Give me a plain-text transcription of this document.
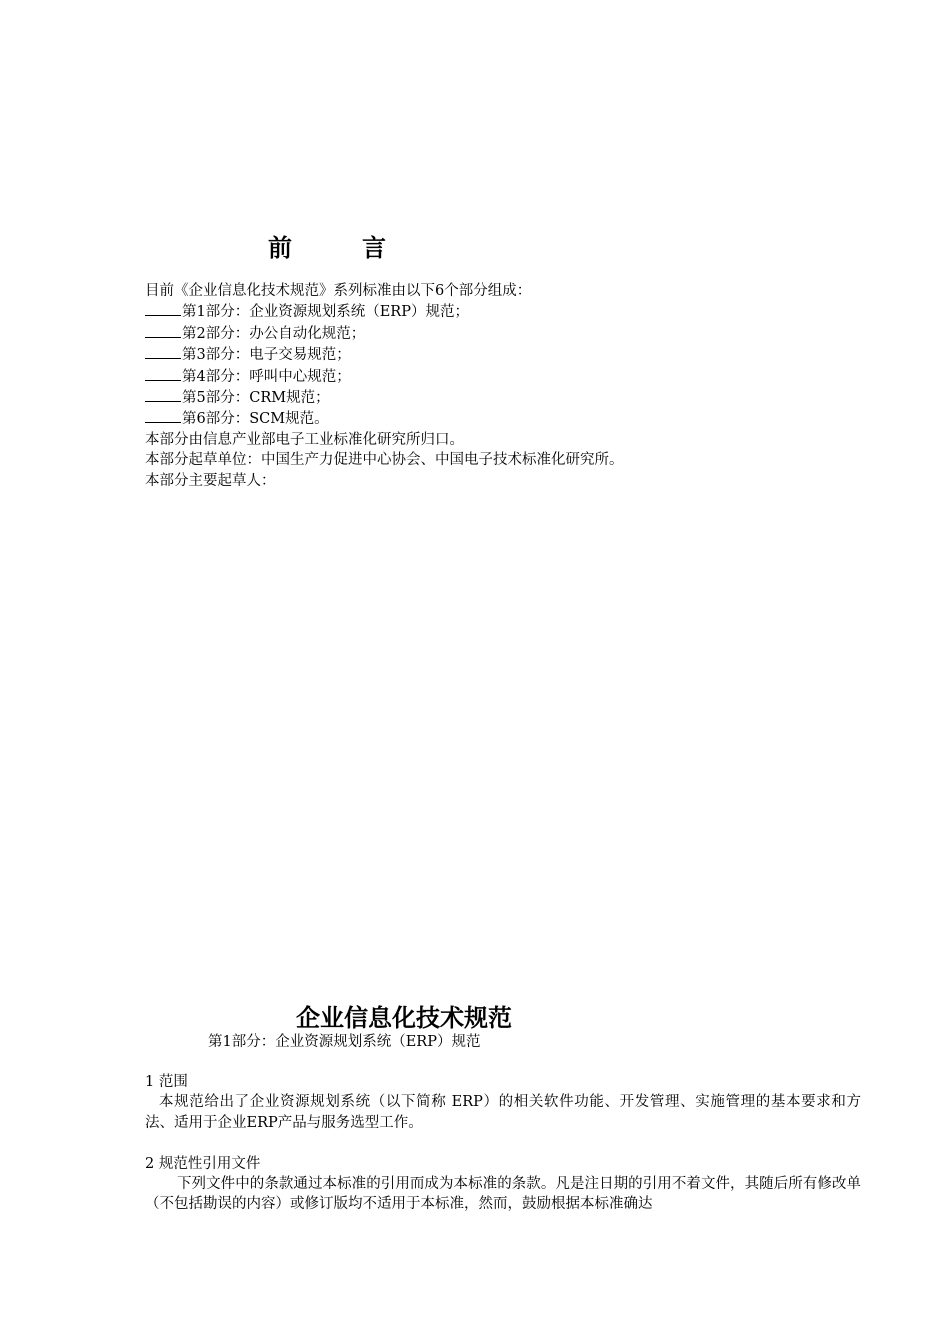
前	言

目前《企业信息化技术规范》系列标准由以下6个部分组成：

第1部分：企业资源规划系统（ERP）规范；

第2部分：办公自动化规范；

第3部分：电子交易规范；

第4部分：呼叫中心规范；

第5部分：CRM规范；

第6部分：SCM规范。

本部分由信息产业部电子工业标准化研究所归口。

本部分起草单位：中国生产力促进中心协会、中国电子技术标准化研究所。

本部分主要起草人：

企业信息化技术规范

第1部分：企业资源规划系统（ERP）规范

1 范围

本规范给出了企业资源规划系统（以下简称 ERP）的相关软件功能、开发管理、实施管理的基本要求和方法、适用于企业ERP产品与服务选型工作。

2 规范性引用文件

下列文件中的条款通过本标准的引用而成为本标准的条款。凡是注日期的引用不着文件，其随后所有修改单（不包括勘误的内容）或修订版均不适用于本标准，然而，鼓励根据本标准确达
